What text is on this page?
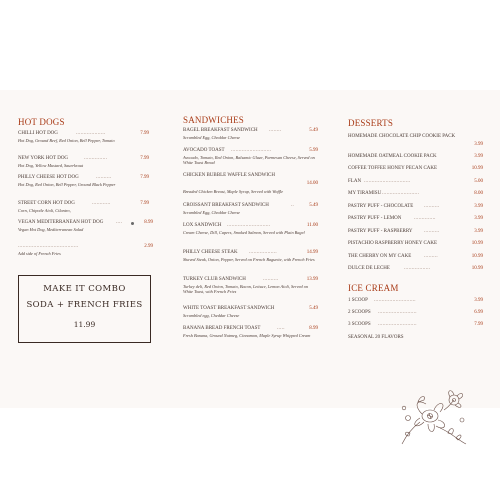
HOT DOGS
CHILLI HOT DOG	...................	7.99
Hot Dog, Ground Beef, Red Onion, Bell Pepper, Tomato
NEW YORK HOT DOG	...............	7.99
Hot Dog, Yellow Mustard, Sauerkraut
PHILLY CHEESE HOT DOG	..........	7.99
Hot Dog, Red Onion, Bell Pepper, Ground Black Pepper
STREET CORN HOT DOG	............	7.99
Corn, Chipotle Aioli, Cilantro,
VEGAN MEDITERRANEAN HOT DOG	....	8.99
Vegan Hot Dog, Mediterranean Salad
.......................................	2.99
Add side of French Fries
MAKE IT COMBO
SODA + FRENCH FRIES
11.99
SANDWICHES
BAGEL BREAKFAST SANDWICH ........	5.49
Scrambled Egg, Cheddar Cheese
AVOCADO TOAST ..........................	5.99
Avocado, Tomato, Red Onion, Balsamic Glaze, Parmesan Cheese, Served on White Toast Bread
CHICKEN BUBBLE WAFFLE SANDWICH
14.00
Breaded Chicken Breast, Maple Syrup, Served with Waffle
CROISSANT BREAKFAST SANDWICH	..	5.49
Scrambled Egg, Cheddar Cheese
LOX SANDWICH ............................	11.00
Cream Cheese, Dill, Capers, Smoked Salmon, Served with Plain Bagel
PHILLY CHEESE STEAK ..................	14.99
Shaved Steak, Onion, Pepper, Served on French Baguette, with French Fries
TURKEY CLUB SANDWICH	..........	13.99
Turkey deli, Red Onion, Tomato, Bacon, Lettuce, Lemon Aioli, Served on White Toast, with French Fries
WHITE TOAST BREAKFAST SANDWICH	5.49
Scrambled egg, Cheddar Cheese
BANANA BREAD FRENCH TOAST	.....	8.99
Fresh Banana, Ground Nutmeg, Cinnamon, Maple Syrup Whipped Cream
DESSERTS
HOMEMADE CHOCOLATE CHIP COOKIE PACK
3.99
HOMEMADE OATMEAL COOKIE PACK	3.99
COFFEE TOFFEE HONEY PECAN CAKE	10.99
FLAN ..............................	5.00
MY TIRAMISU ........................	8.00
PASTRY PUFF - CHOCOLATE ..........	3.99
PASTRY PUFF - LEMON	..............	3.99
PASTRY PUFF - RASPBERRY ..........	3.99
PISTACHIO RASPBERRY HONEY CAKE	10.99
THE CHERRY ON MY CAKE	.........	10.99
DULCE DE LECHE	.................	10.99
ICE CREAM
1 SCOOP ...........................	3.99
2 SCOOPS .........................	6.99
3 SCOOPS .........................	7.99
SEASONAL 20 FLAVORS
